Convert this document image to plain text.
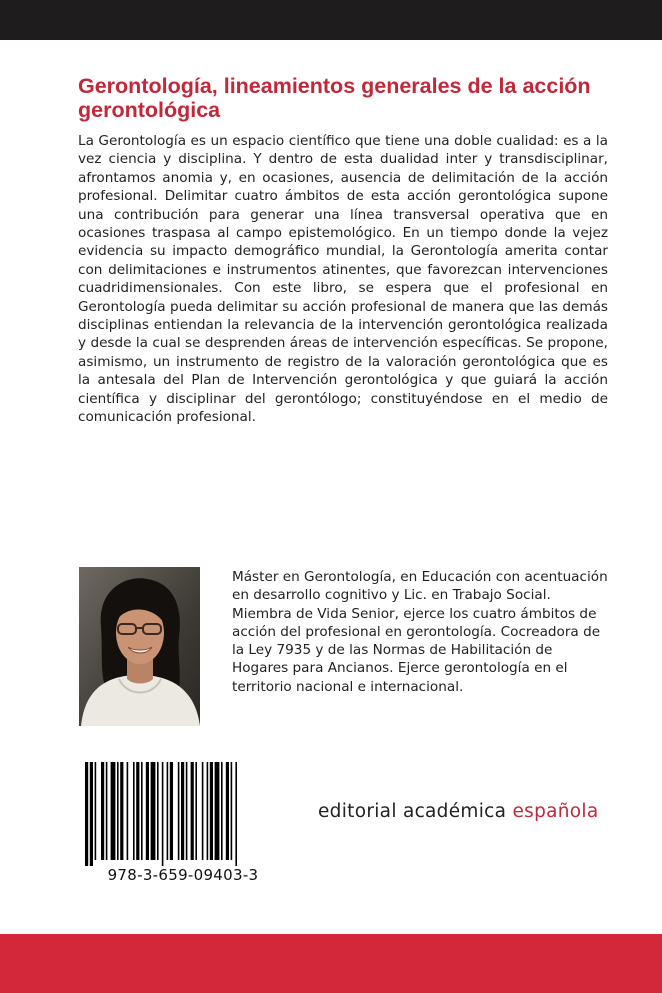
Gerontología, lineamientos generales de la acción gerontológica

La Gerontología es un espacio científico que tiene una doble cualidad: es a la vez ciencia y disciplina. Y dentro de esta dualidad inter y transdisciplinar, afrontamos anomia y, en ocasiones, ausencia de delimitación de la acción profesional. Delimitar cuatro ámbitos de esta acción gerontológica supone una contribución para generar una línea transversal operativa que en ocasiones traspasa al campo epistemológico. En un tiempo donde la vejez evidencia su impacto demográfico mundial, la Gerontología amerita contar con delimitaciones e instrumentos atinentes, que favorezcan intervenciones cuadridimensionales. Con este libro, se espera que el profesional en Gerontología pueda delimitar su acción profesional de manera que las demás disciplinas entiendan la relevancia de la intervención gerontológica realizada y desde la cual se desprenden áreas de intervención específicas. Se propone, asimismo, un instrumento de registro de la valoración gerontológica que es la antesala del Plan de Intervención gerontológica y que guiará la acción científica y disciplinar del gerontólogo; constituyéndose en el medio de comunicación profesional.

Máster en Gerontología, en Educación con acentuación en desarrollo cognitivo y Lic. en Trabajo Social. Miembra de Vida Senior, ejerce los cuatro ámbitos de acción del profesional en gerontología. Cocreadora de la Ley 7935 y de las Normas de Habilitación de Hogares para Ancianos. Ejerce gerontología en el territorio nacional e internacional.

978-3-659-09403-3
editorial académica española
